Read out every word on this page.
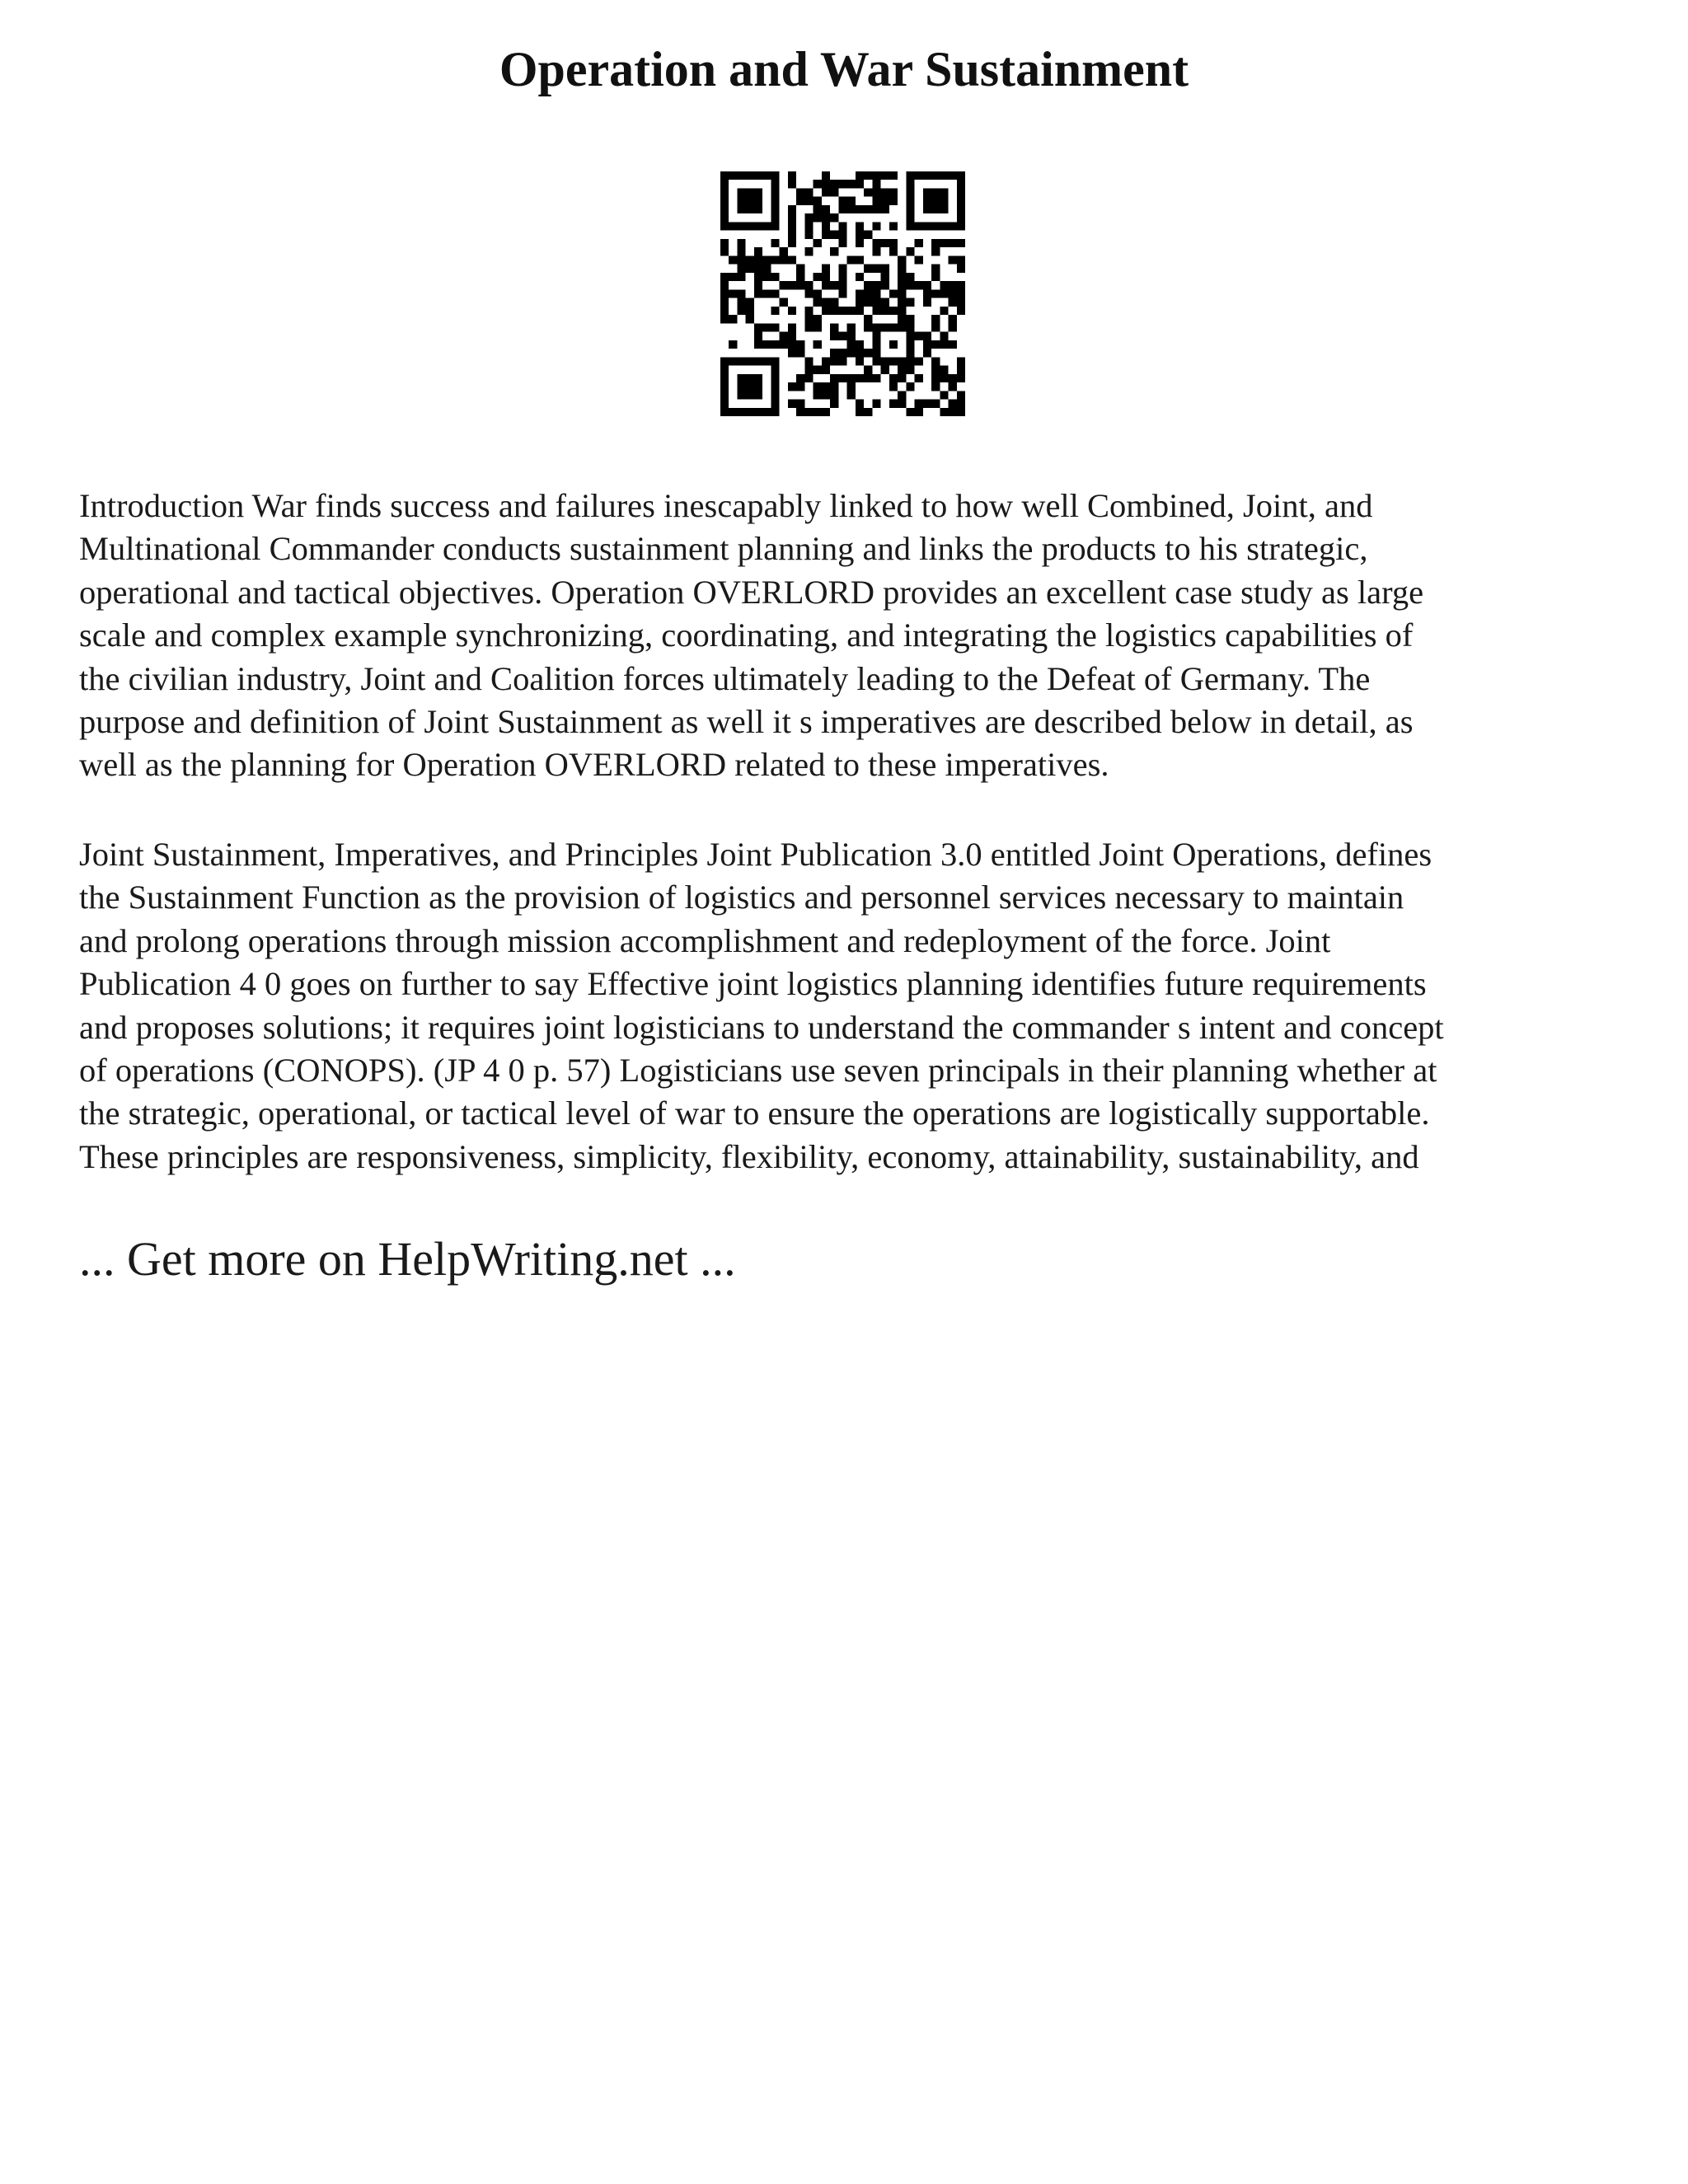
Operation and War Sustainment

Introduction War finds success and failures inescapably linked to how well Combined, Joint, and
Multinational Commander conducts sustainment planning and links the products to his strategic,
operational and tactical objectives. Operation OVERLORD provides an excellent case study as large
scale and complex example synchronizing, coordinating, and integrating the logistics capabilities of
the civilian industry, Joint and Coalition forces ultimately leading to the Defeat of Germany. The
purpose and definition of Joint Sustainment as well it s imperatives are described below in detail, as
well as the planning for Operation OVERLORD related to these imperatives.

Joint Sustainment, Imperatives, and Principles Joint Publication 3.0 entitled Joint Operations, defines
the Sustainment Function as the provision of logistics and personnel services necessary to maintain
and prolong operations through mission accomplishment and redeployment of the force. Joint
Publication 4 0 goes on further to say Effective joint logistics planning identifies future requirements
and proposes solutions; it requires joint logisticians to understand the commander s intent and concept
of operations (CONOPS). (JP 4 0 p. 57) Logisticians use seven principals in their planning whether at
the strategic, operational, or tactical level of war to ensure the operations are logistically supportable.
These principles are responsiveness, simplicity, flexibility, economy, attainability, sustainability, and

... Get more on HelpWriting.net ...
